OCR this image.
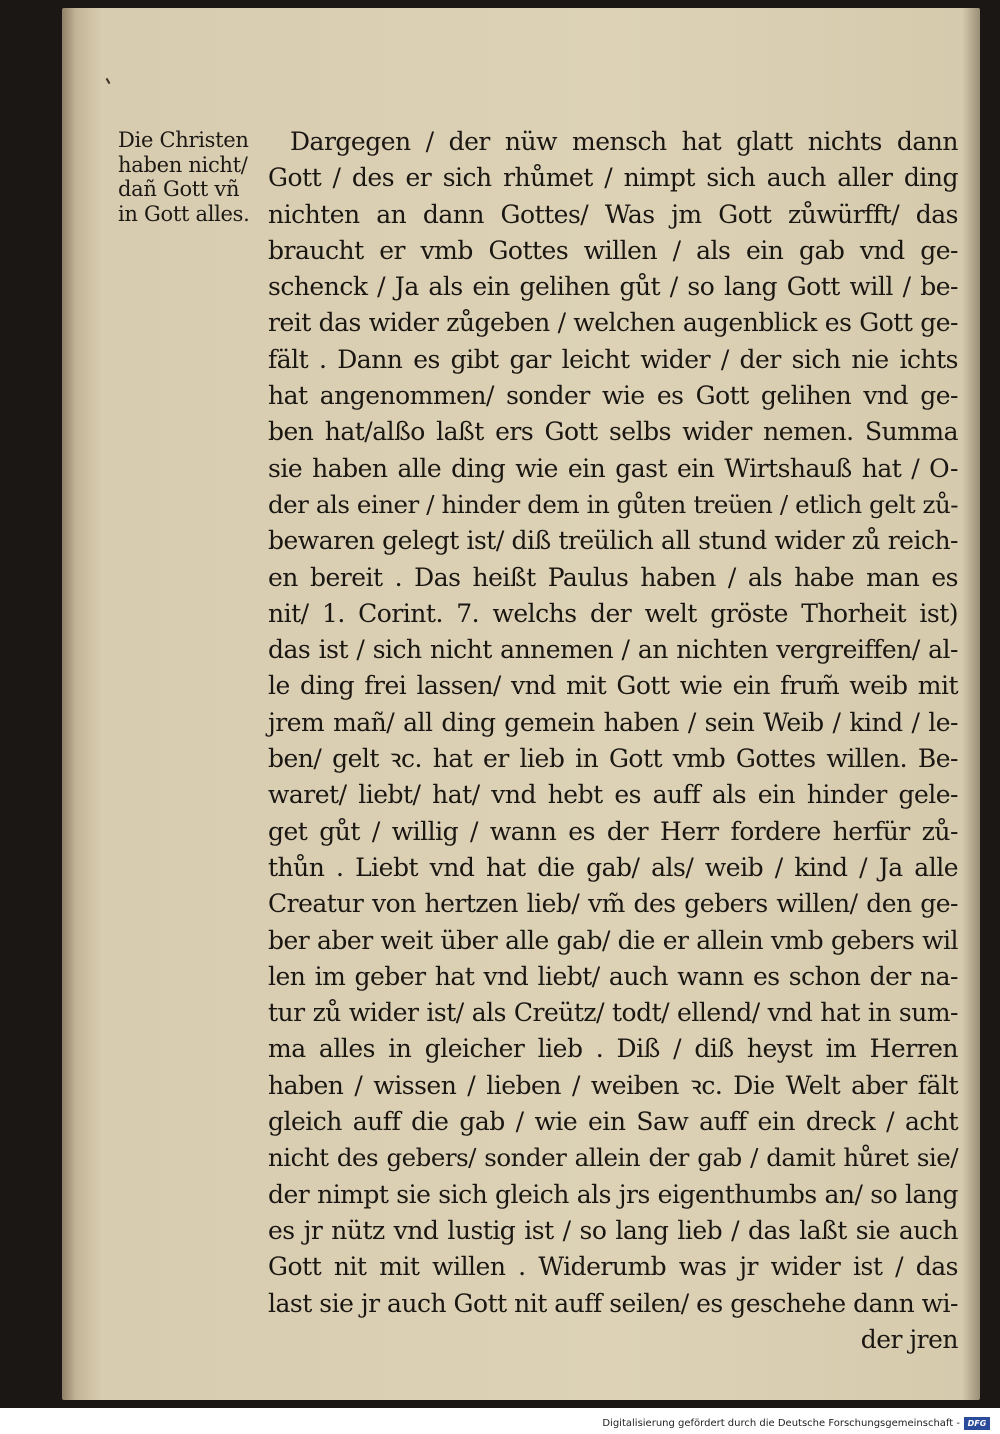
Die Christen
haben nicht/
dañ Gott vñ
in Gott alles.
Dargegen / der nüw mensch hat glatt nichts dann
Gott / des er sich rhůmet / nimpt sich auch aller ding
nichten an dann Gottes/ Was jm Gott zůwürfft/ das
braucht er vmb Gottes willen / als ein gab vnd ge-
schenck / Ja als ein gelihen gůt / so lang Gott will / be-
reit das wider zůgeben / welchen augenblick es Gott ge-
fält . Dann es gibt gar leicht wider / der sich nie ichts
hat angenommen/ sonder wie es Gott gelihen vnd ge-
ben hat/alßo laßt ers Gott selbs wider nemen. Summa
sie haben alle ding wie ein gast ein Wirtshauß hat / O-
der als einer / hinder dem in gůten treüen / etlich gelt zů-
bewaren gelegt ist/ diß treülich all stund wider zů reich-
en bereit . Das heißt Paulus haben / als habe man es
nit/ 1. Corint. 7. welchs der welt gröste Thorheit ist)
das ist / sich nicht annemen / an nichten vergreiffen/ al-
le ding frei lassen/ vnd mit Gott wie ein frum̃ weib mit
jrem mañ/ all ding gemein haben / sein Weib / kind / le-
ben/ gelt ꝛc. hat er lieb in Gott vmb Gottes willen. Be-
waret/ liebt/ hat/ vnd hebt es auff als ein hinder gele-
get gůt / willig / wann es der Herr fordere herfür zů-
thůn . Liebt vnd hat die gab/ als/ weib / kind / Ja alle
Creatur von hertzen lieb/ vm̃ des gebers willen/ den ge-
ber aber weit über alle gab/ die er allein vmb gebers wil
len im geber hat vnd liebt/ auch wann es schon der na-
tur zů wider ist/ als Creütz/ todt/ ellend/ vnd hat in sum-
ma alles in gleicher lieb . Diß / diß heyst im Herren
haben / wissen / lieben / weiben ꝛc. Die Welt aber fält
gleich auff die gab / wie ein Saw auff ein dreck / acht
nicht des gebers/ sonder allein der gab / damit hůret sie/
der nimpt sie sich gleich als jrs eigenthumbs an/ so lang
es jr nütz vnd lustig ist / so lang lieb / das laßt sie auch
Gott nit mit willen . Widerumb was jr wider ist / das
last sie jr auch Gott nit auff seilen/ es geschehe dann wi-
der jren
Digitalisierung gefördert durch die Deutsche Forschungsgemeinschaft - DFG
